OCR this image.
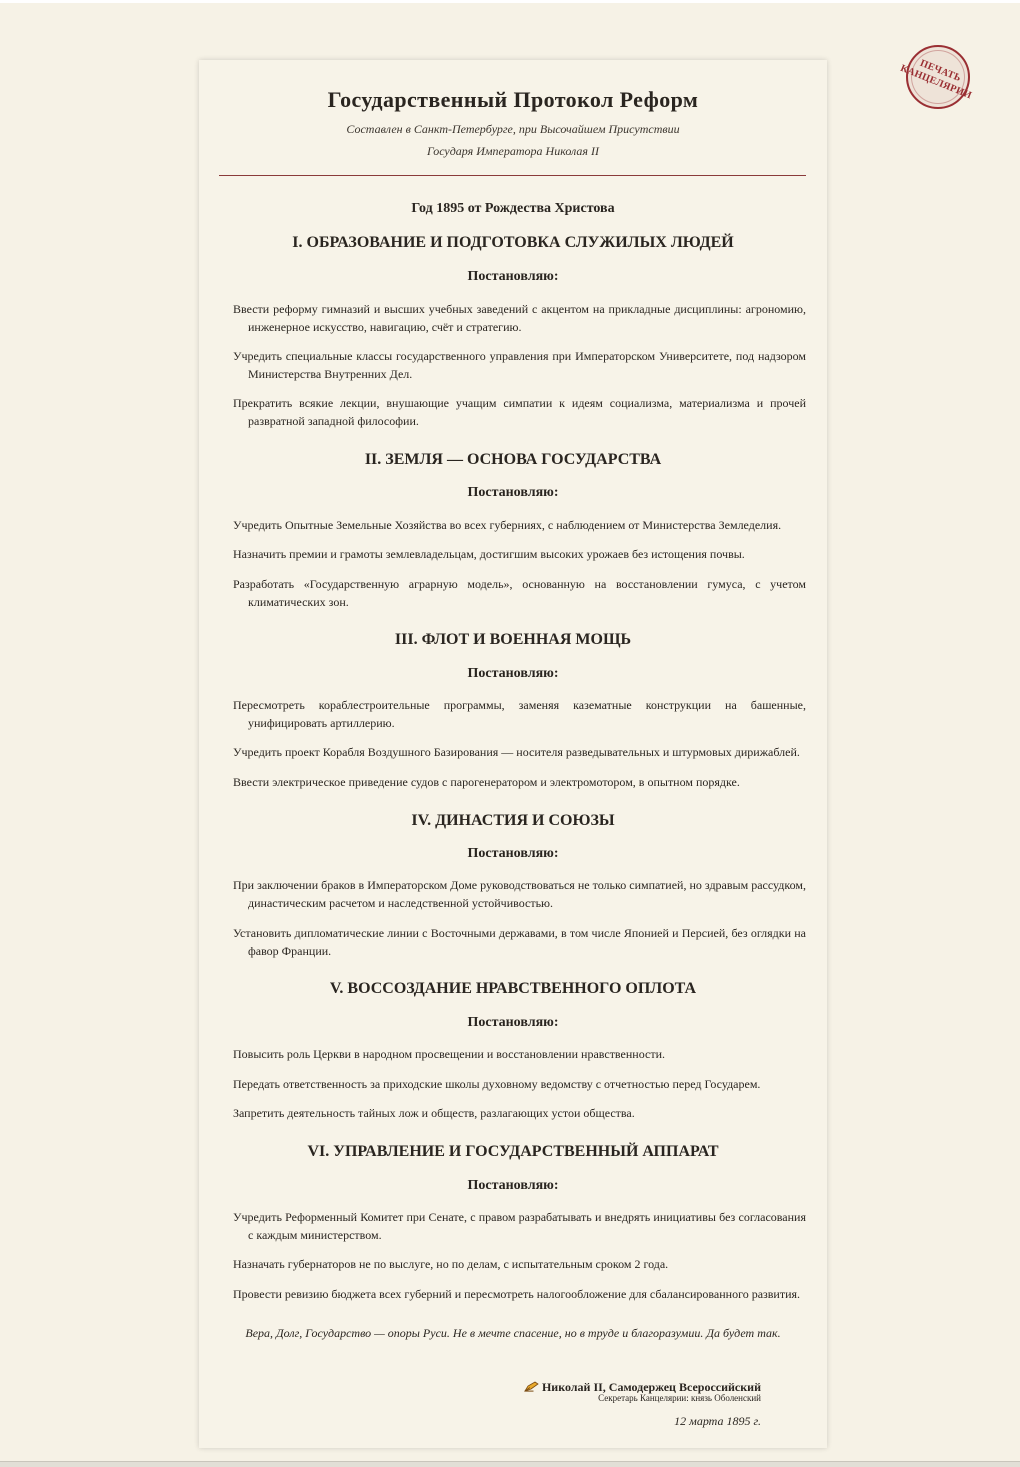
ПЕЧАТЬ
КАНЦЕЛЯРИИ
Государственный Протокол Реформ
Составлен в Санкт-Петербурге, при Высочайшем Присутствии
Государя Императора Николая II
Год 1895 от Рождества Христова
I. ОБРАЗОВАНИЕ И ПОДГОТОВКА СЛУЖИЛЫХ ЛЮДЕЙ
Постановляю:

Ввести реформу гимназий и высших учебных заведений с акцентом на прикладные дисциплины: агрономию, инженерное искусство, навигацию, счёт и стратегию.

Учредить специальные классы государственного управления при Императорском Университете, под надзором Министерства Внутренних Дел.

Прекратить всякие лекции, внушающие учащим симпатии к идеям социализма, материализма и прочей развратной западной философии.

II. ЗЕМЛЯ — ОСНОВА ГОСУДАРСТВА
Постановляю:

Учредить Опытные Земельные Хозяйства во всех губерниях, с наблюдением от Министерства Земледелия.

Назначить премии и грамоты землевладельцам, достигшим высоких урожаев без истощения почвы.

Разработать «Государственную аграрную модель», основанную на восстановлении гумуса, с учетом климатических зон.

III. ФЛОТ И ВОЕННАЯ МОЩЬ
Постановляю:

Пересмотреть кораблестроительные программы, заменяя казематные конструкции на башенные, унифицировать артиллерию.

Учредить проект Корабля Воздушного Базирования — носителя разведывательных и штурмовых дирижаблей.

Ввести электрическое приведение судов с парогенератором и электромотором, в опытном порядке.

IV. ДИНАСТИЯ И СОЮЗЫ
Постановляю:

При заключении браков в Императорском Доме руководствоваться не только симпатией, но здравым рассудком, династическим расчетом и наследственной устойчивостью.

Установить дипломатические линии с Восточными державами, в том числе Японией и Персией, без оглядки на фавор Франции.

V. ВОССОЗДАНИЕ НРАВСТВЕННОГО ОПЛОТА
Постановляю:

Повысить роль Церкви в народном просвещении и восстановлении нравственности.

Передать ответственность за приходские школы духовному ведомству с отчетностью перед Государем.

Запретить деятельность тайных лож и обществ, разлагающих устои общества.

VI. УПРАВЛЕНИЕ И ГОСУДАРСТВЕННЫЙ АППАРАТ
Постановляю:

Учредить Реформенный Комитет при Сенате, с правом разрабатывать и внедрять инициативы без согласования с каждым министерством.

Назначать губернаторов не по выслуге, но по делам, с испытательным сроком 2 года.

Провести ревизию бюджета всех губерний и пересмотреть налогообложение для сбалансированного развития.

Вера, Долг, Государство — опоры Руси. Не в мечте спасение, но в труде и благоразумии. Да будет так.
Николай II, Самодержец Всероссийский
Секретарь Канцелярии: князь Оболенский
12 марта 1895 г.
